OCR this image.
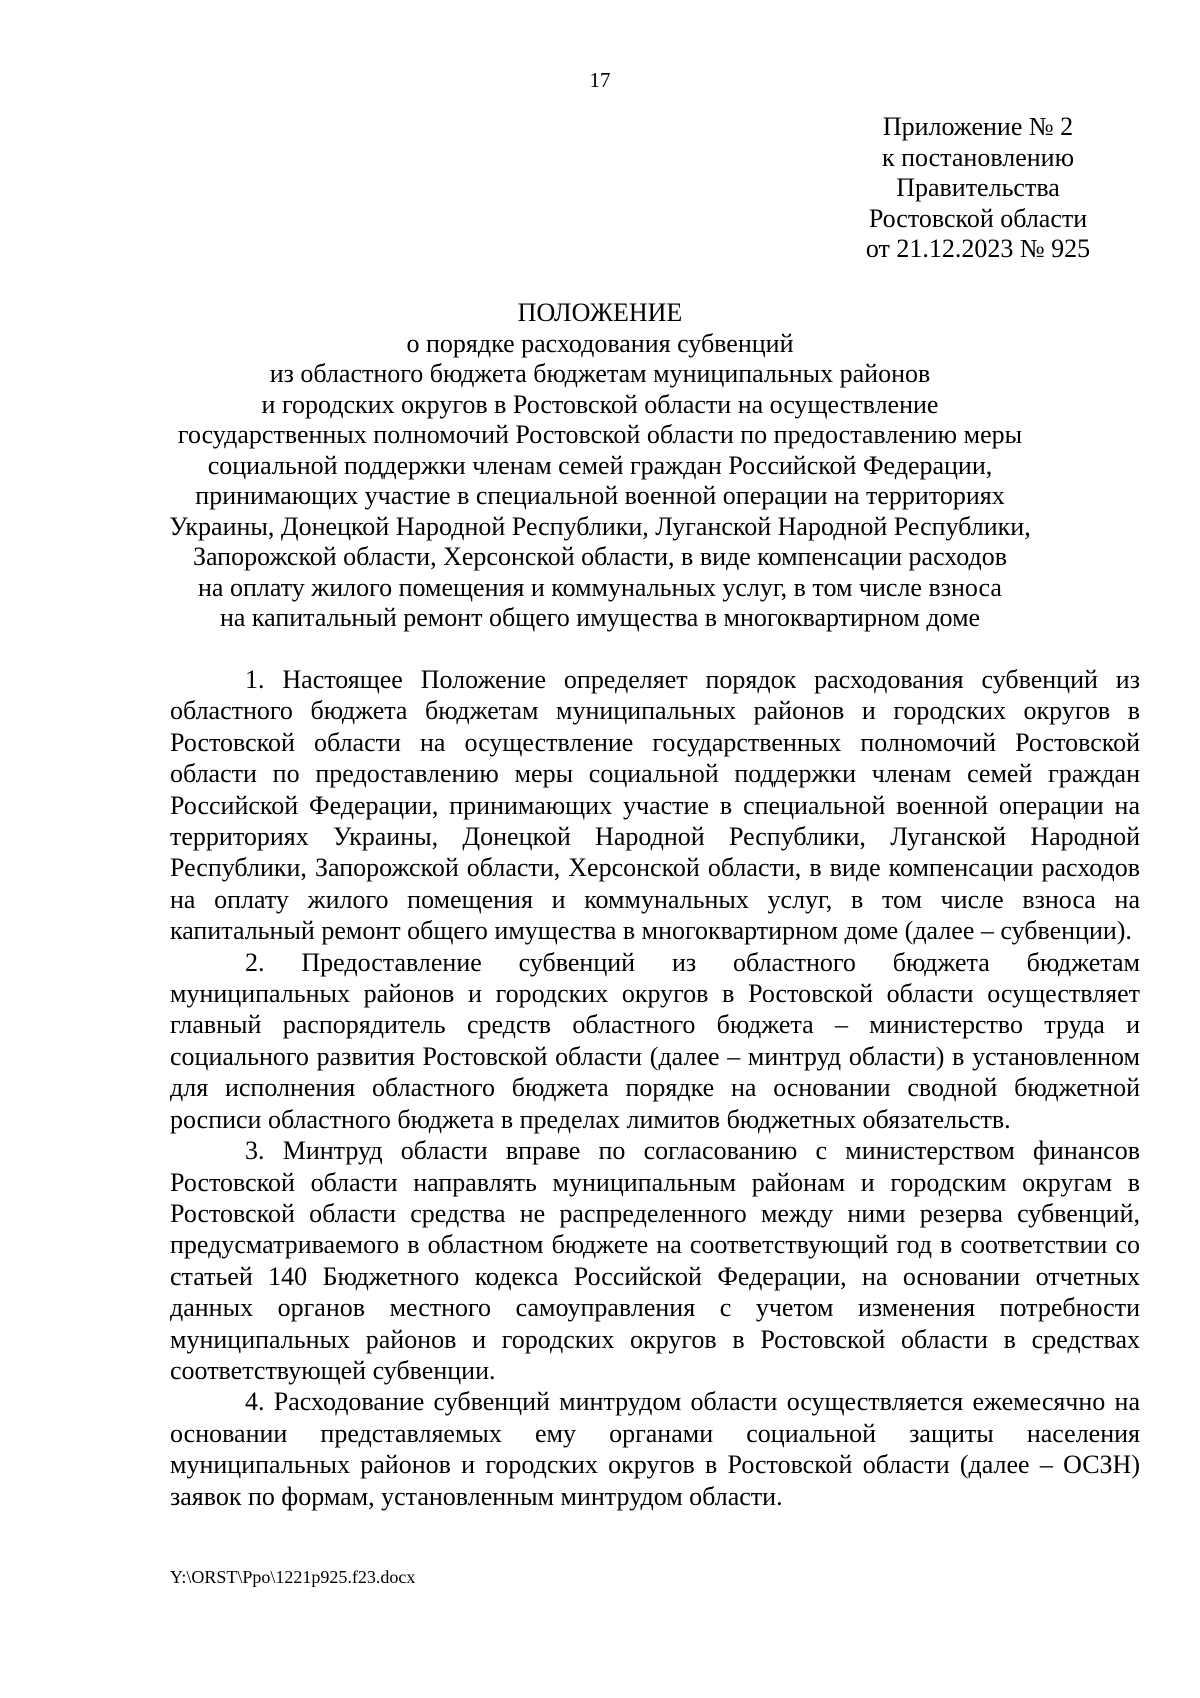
17
Приложение № 2
к постановлению
Правительства
Ростовской области
от 21.12.2023 № 925
ПОЛОЖЕНИЕ
о порядке расходования субвенций
из областного бюджета бюджетам муниципальных районов
и городских округов в Ростовской области на осуществление
государственных полномочий Ростовской области по предоставлению меры
социальной поддержки членам семей граждан Российской Федерации,
принимающих участие в специальной военной операции на территориях
Украины, Донецкой Народной Республики, Луганской Народной Республики,
Запорожской области, Херсонской области, в виде компенсации расходов
на оплату жилого помещения и коммунальных услуг, в том числе взноса
на капитальный ремонт общего имущества в многоквартирном доме

1. Настоящее Положение определяет порядок расходования субвенций из областного бюджета бюджетам муниципальных районов и городских округов в Ростовской области на осуществление государственных полномочий Ростовской области по предоставлению меры социальной поддержки членам семей граждан Российской Федерации, принимающих участие в специальной военной операции на территориях Украины, Донецкой Народной Республики, Луганской Народной Республики, Запорожской области, Херсонской области, в виде компенсации расходов на оплату жилого помещения и коммунальных услуг, в том числе взноса на капитальный ремонт общего имущества в многоквартирном доме (далее – субвенции).

2. Предоставление субвенций из областного бюджета бюджетам муниципальных районов и городских округов в Ростовской области осуществляет главный распорядитель средств областного бюджета – министерство труда и социального развития Ростовской области (далее – минтруд области) в установленном для исполнения областного бюджета порядке на основании сводной бюджетной росписи областного бюджета в пределах лимитов бюджетных обязательств.

3. Минтруд области вправе по согласованию с министерством финансов Ростовской области направлять муниципальным районам и городским округам в Ростовской области средства не распределенного между ними резерва субвенций, предусматриваемого в областном бюджете на соответствующий год в соответствии со статьей 140 Бюджетного кодекса Российской Федерации, на основании отчетных данных органов местного самоуправления с учетом изменения потребности муниципальных районов и городских округов в Ростовской области в средствах соответствующей субвенции.

4. Расходование субвенций минтрудом области осуществляется ежемесячно на основании представляемых ему органами социальной защиты населения муниципальных районов и городских округов в Ростовской области (далее – ОСЗН) заявок по формам, установленным минтрудом области.

Y:\ORST\Ppo\1221p925.f23.docx
